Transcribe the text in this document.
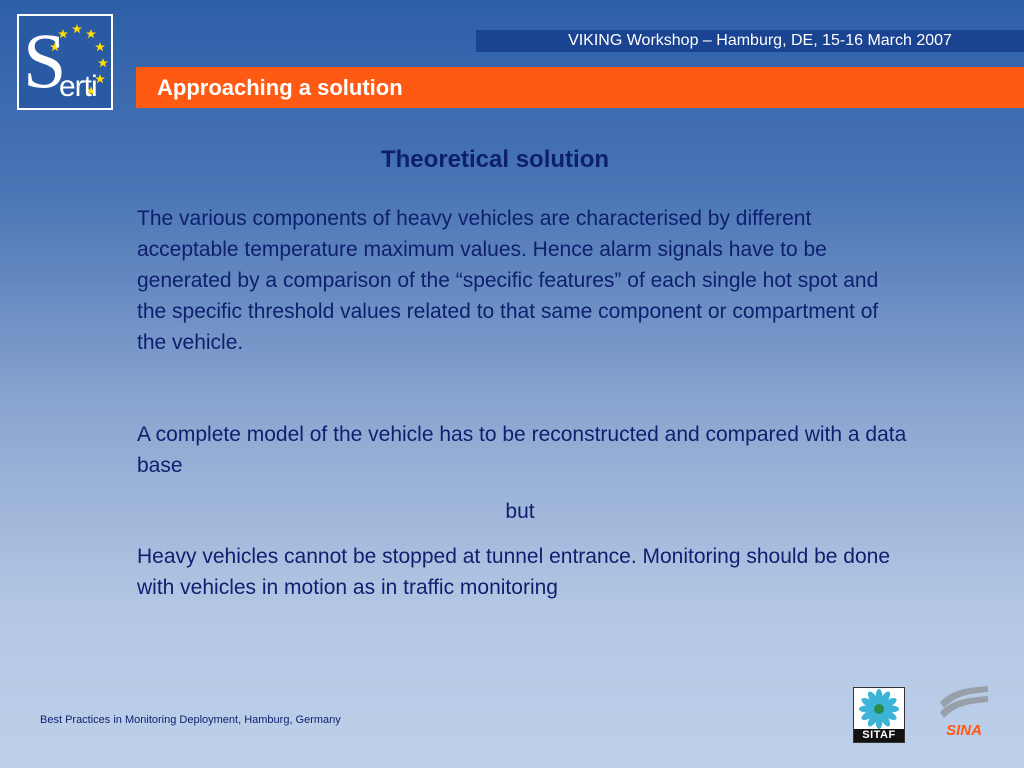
S
erti
VIKING Workshop – Hamburg, DE, 15-16 March 2007
Approaching a solution
Theoretical solution

The various components of heavy vehicles are characterised by different acceptable temperature maximum values. Hence alarm signals have to be generated by a comparison of the “specific features” of each single hot spot and the specific threshold values related to that same component or compartment of the vehicle.

A complete model of the vehicle has to be reconstructed and compared with a data base

but

Heavy vehicles cannot be stopped at tunnel entrance. Monitoring should be done with vehicles in motion as in traffic monitoring

Best Practices in Monitoring Deployment, Hamburg, Germany
SITAF	SINA
